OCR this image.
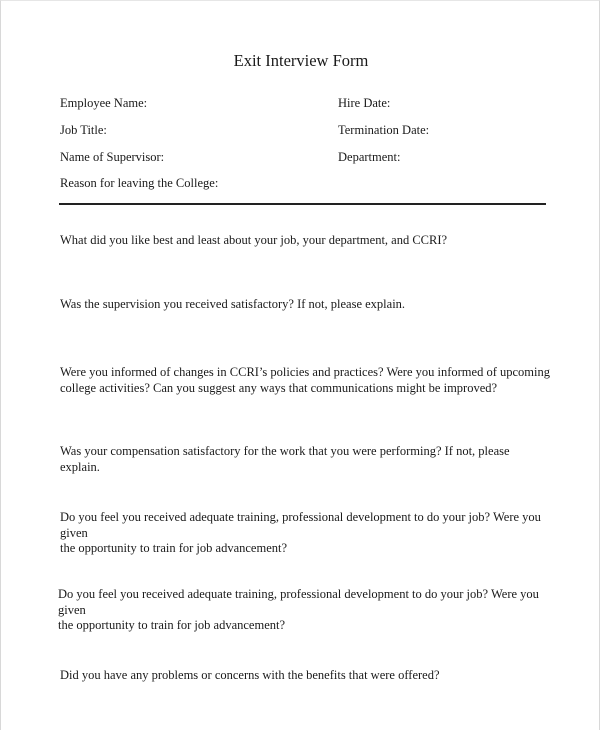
Exit Interview Form
Employee Name:	Hire Date:
Job Title:	Termination Date:
Name of Supervisor:	Department:
Reason for leaving the College:
What did you like best and least about your job, your department, and CCRI?
Was the supervision you received satisfactory? If not, please explain.
Were you informed of changes in CCRI’s policies and practices? Were you informed of upcoming
college activities? Can you suggest any ways that communications might be improved?
Was your compensation satisfactory for the work that you were performing? If not, please explain.
Do you feel you received adequate training, professional development to do your job? Were you given
the opportunity to train for job advancement?
Do you feel you received adequate training, professional development to do your job? Were you given
the opportunity to train for job advancement?
Did you have any problems or concerns with the benefits that were offered?
